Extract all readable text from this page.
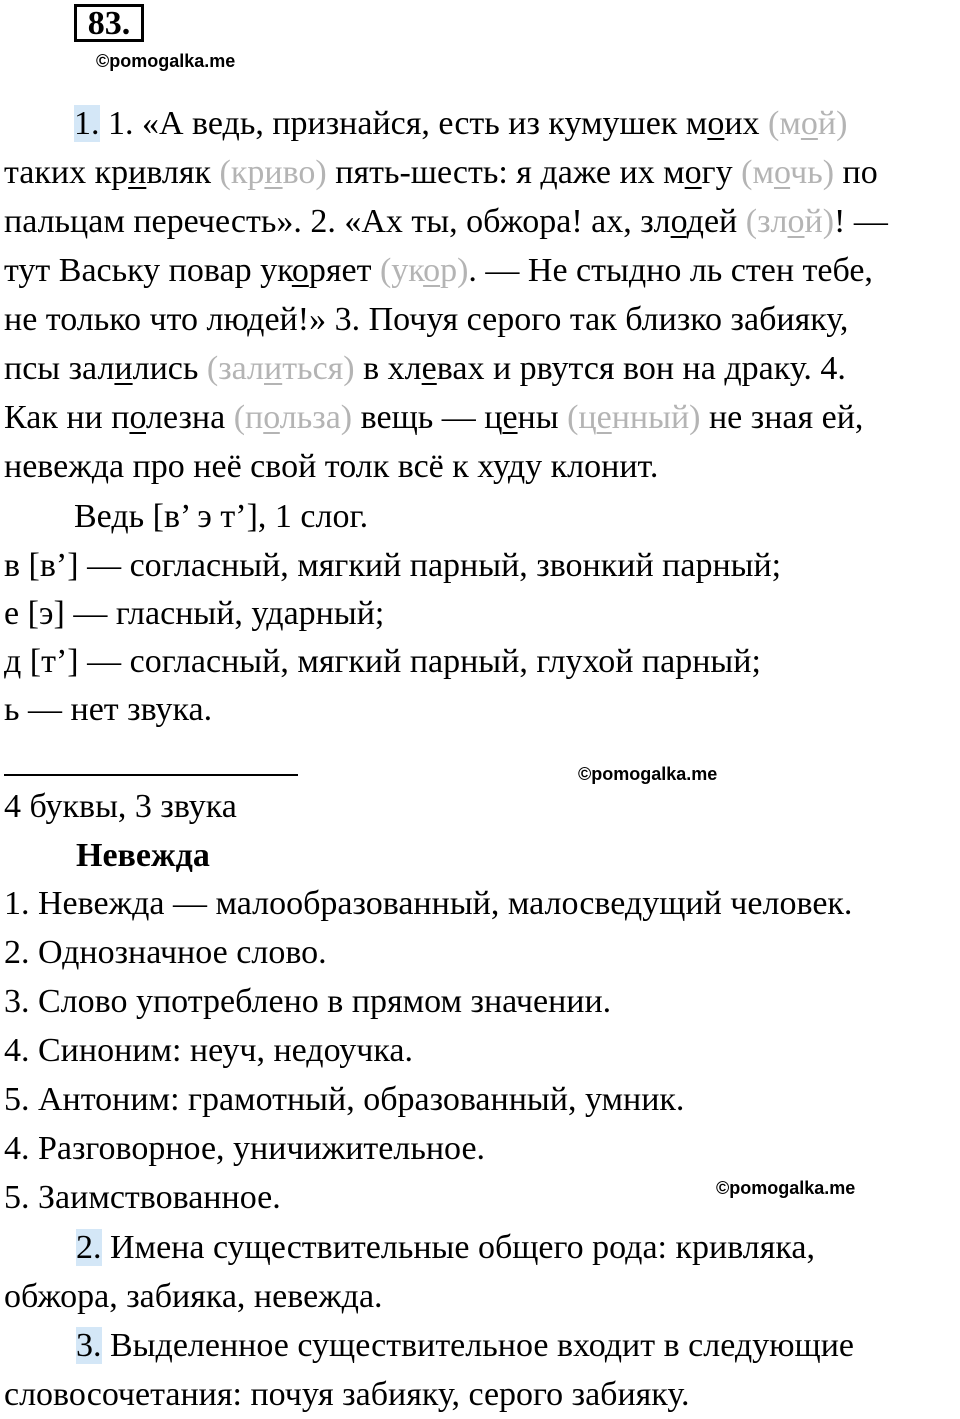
83.
©pomogalka.me
1. 1. «А ведь, признайся, есть из кумушек моих (мой)
таких кривляк (криво) пять-шесть: я даже их могу (мочь) по
пальцам перечесть». 2. «Ах ты, обжора! ах, злодей (злой)! —
тут Ваську повар укоряет (укор). — Не стыдно ль стен тебе,
не только что людей!» 3. Почуя серого так близко забияку,
псы залились (залиться) в хлевах и рвутся вон на драку. 4.
Как ни полезна (польза) вещь — цены (ценный) не зная ей,
невежда про неё свой толк всё к худу клонит.
Ведь [в’ э т’], 1 слог.
в [в’] — согласный, мягкий парный, звонкий парный;
е [э] — гласный, ударный;
д [т’] — согласный, мягкий парный, глухой парный;
ь — нет звука.
©pomogalka.me
4 буквы, 3 звука
Невежда
1. Невежда — малообразованный, малосведущий человек.
2. Однозначное слово.
3. Слово употреблено в прямом значении.
4. Синоним: неуч, недоучка.
5. Антоним: грамотный, образованный, умник.
4. Разговорное, уничижительное.
©pomogalka.me
5. Заимствованное.
2. Имена существительные общего рода: кривляка,
обжора, забияка, невежда.
3. Выделенное существительное входит в следующие
словосочетания: почуя забияку, серого забияку.
